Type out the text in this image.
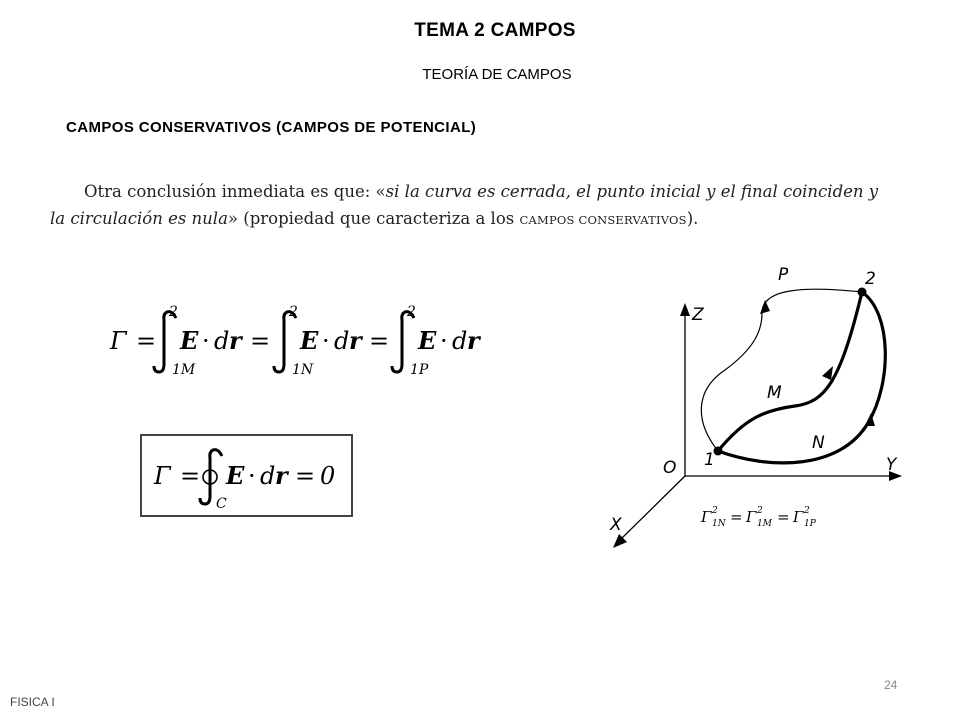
TEMA 2 CAMPOS
TEORÍA DE CAMPOS
CAMPOS CONSERVATIVOS (CAMPOS DE POTENCIAL)
Otra conclusión inmediata es que: «si la curva es cerrada, el punto inicial y el final coinciden y
la circulación es nula» (propiedad que caracteriza a los CAMPOS CONSERVATIVOS).
Γ =
2
1M
E · d r =
2
1N
E · d r =
2
1P
E · d r
Γ =
C
E · d r = 0
Z
Y
X
O
P
M
N
1
2
Γ 2
1N = Γ 2
1M = Γ 2
1P
FISICA I
24
